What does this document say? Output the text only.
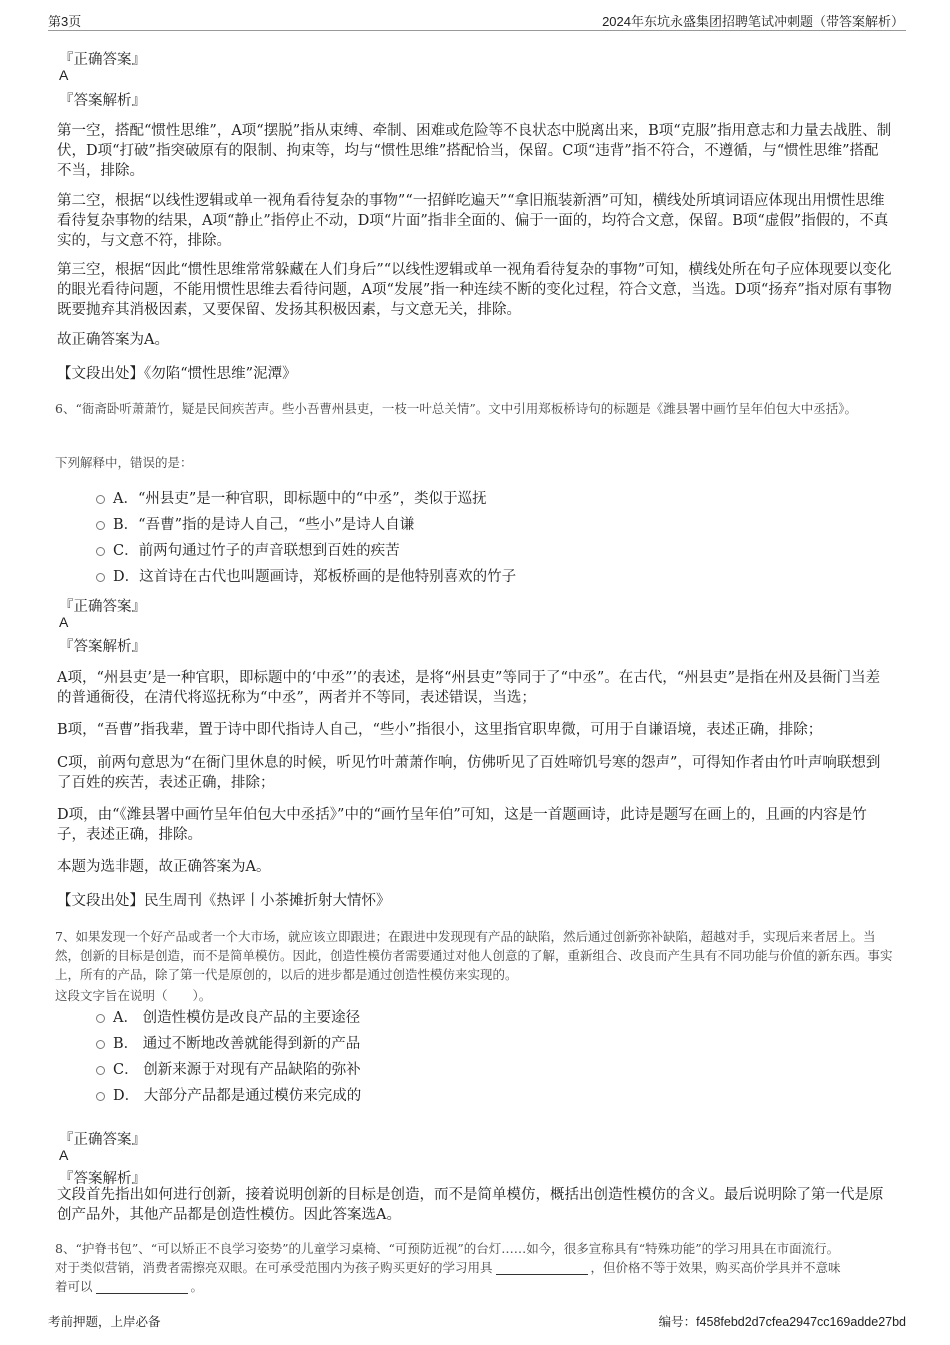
第3页	2024年东坑永盛集团招聘笔试冲刺题（带答案解析）
『正确答案』
A
『答案解析』
第一空，搭配“惯性思维”，A项“摆脱”指从束缚、牵制、困难或危险等不良状态中脱离出来，B项“克服”指用意志和力量去战胜、制伏，D项“打破”指突破原有的限制、拘束等，均与“惯性思维”搭配恰当，保留。C项“违背”指不符合，不遵循，与“惯性思维”搭配不当，排除。
第二空，根据“以线性逻辑或单一视角看待复杂的事物”“一招鲜吃遍天”“拿旧瓶装新酒”可知，横线处所填词语应体现出用惯性思维看待复杂事物的结果，A项“静止”指停止不动，D项“片面”指非全面的、偏于一面的，均符合文意，保留。B项“虚假”指假的，不真实的，与文意不符，排除。
第三空，根据“因此“惯性思维常常躲藏在人们身后”“以线性逻辑或单一视角看待复杂的事物”可知，横线处所在句子应体现要以变化的眼光看待问题，不能用惯性思维去看待问题，A项“发展”指一种连续不断的变化过程，符合文意，当选。D项“扬弃”指对原有事物既要抛弃其消极因素，又要保留、发扬其积极因素，与文意无关，排除。
故正确答案为A。
【文段出处】《勿陷“惯性思维”泥潭》
6、“衙斋卧听萧萧竹，疑是民间疾苦声。些小吾曹州县吏，一枝一叶总关情”。文中引用郑板桥诗句的标题是《潍县署中画竹呈年伯包大中丞括》。
下列解释中，错误的是：
A．“州县吏”是一种官职，即标题中的“中丞”，类似于巡抚
B．“吾曹”指的是诗人自己，“些小”是诗人自谦
C．前两句通过竹子的声音联想到百姓的疾苦
D．这首诗在古代也叫题画诗，郑板桥画的是他特别喜欢的竹子
『正确答案』
A
『答案解析』
A项，“州县吏’是一种官职，即标题中的‘中丞”’的表述，是将“州县吏”等同于了“中丞”。在古代，“州县吏”是指在州及县衙门当差的普通衙役，在清代将巡抚称为“中丞”，两者并不等同，表述错误，当选；
B项，“吾曹”指我辈，置于诗中即代指诗人自己，“些小”指很小，这里指官职卑微，可用于自谦语境，表述正确，排除；
C项，前两句意思为“在衙门里休息的时候，听见竹叶萧萧作响，仿佛听见了百姓啼饥号寒的怨声”，可得知作者由竹叶声响联想到了百姓的疾苦，表述正确，排除；
D项，由“《潍县署中画竹呈年伯包大中丞括》”中的“画竹呈年伯”可知，这是一首题画诗，此诗是题写在画上的，且画的内容是竹子，表述正确，排除。
本题为选非题，故正确答案为A。
【文段出处】民生周刊《热评丨小茶摊折射大情怀》
7、如果发现一个好产品或者一个大市场，就应该立即跟进；在跟进中发现现有产品的缺陷，然后通过创新弥补缺陷，超越对手，实现后来者居上。当然，创新的目标是创造，而不是简单模仿。因此，创造性模仿者需要通过对他人创意的了解，重新组合、改良而产生具有不同功能与价值的新东西。事实上，所有的产品，除了第一代是原创的，以后的进步都是通过创造性模仿来实现的。
这段文字旨在说明（　　）。
A． 创造性模仿是改良产品的主要途径
B． 通过不断地改善就能得到新的产品
C． 创新来源于对现有产品缺陷的弥补
D． 大部分产品都是通过模仿来完成的
『正确答案』
A
『答案解析』
文段首先指出如何进行创新，接着说明创新的目标是创造，而不是简单模仿，概括出创造性模仿的含义。最后说明除了第一代是原创产品外，其他产品都是创造性模仿。因此答案选A。
8、“护脊书包”、“可以矫正不良学习姿势”的儿童学习桌椅、“可预防近视”的台灯……如今，很多宣称具有“特殊功能”的学习用具在市面流行。
对于类似营销，消费者需擦亮双眼。在可承受范围内为孩子购买更好的学习用具	，但价格不等于效果，购买高价学具并不意味
着可以	。
考前押题，上岸必备	编号：f458febd2d7cfea2947cc169adde27bd
